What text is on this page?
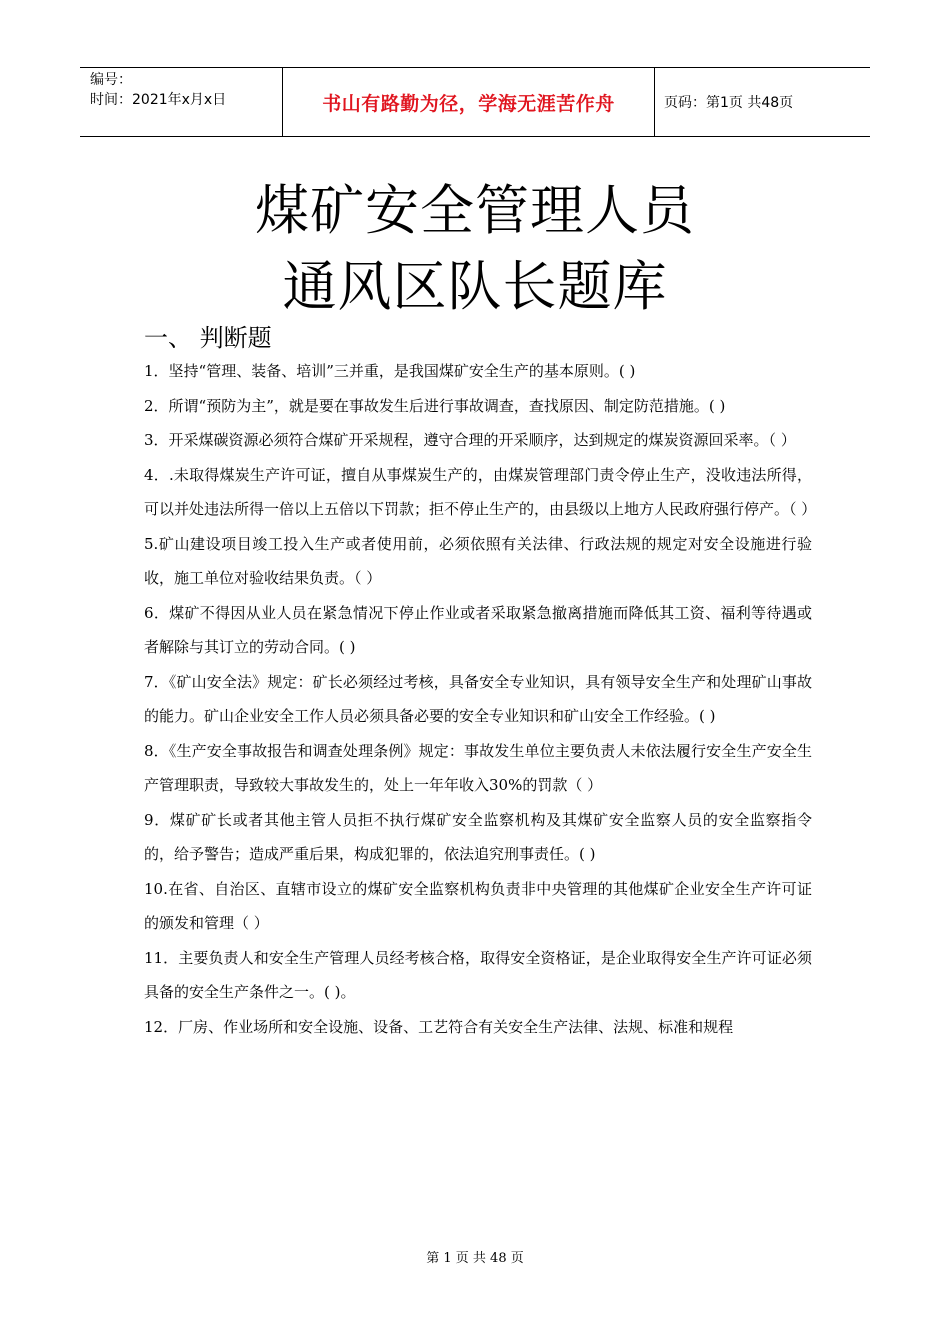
编号：
时间：2021年x月x日	书山有路勤为径，学海无涯苦作舟	页码：第1页 共48页
煤矿安全管理人员
通风区队长题库
一、 判断题

1．坚持“管理、装备、培训”三并重，是我国煤矿安全生产的基本原则。( )

2．所谓“预防为主”，就是要在事故发生后进行事故调查，查找原因、制定防范措施。( )

3．开采煤碳资源必须符合煤矿开采规程，遵守合理的开采顺序，达到规定的煤炭资源回采率。（ ）

4．.未取得煤炭生产许可证，擅自从事煤炭生产的，由煤炭管理部门责令停止生产，没收违法所得，可以并处违法所得一倍以上五倍以下罚款；拒不停止生产的，由县级以上地方人民政府强行停产。（ ）

5.矿山建设项目竣工投入生产或者使用前，必须依照有关法律、行政法规的规定对安全设施进行验收，施工单位对验收结果负责。（ ）

6．煤矿不得因从业人员在紧急情况下停止作业或者采取紧急撤离措施而降低其工资、福利等待遇或者解除与其订立的劳动合同。( )

7．《矿山安全法》规定：矿长必须经过考核，具备安全专业知识，具有领导安全生产和处理矿山事故的能力。矿山企业安全工作人员必须具备必要的安全专业知识和矿山安全工作经验。( )

8．《生产安全事故报告和调查处理条例》规定：事故发生单位主要负责人未依法履行安全生产安全生产管理职责，导致较大事故发生的，处上一年年收入30%的罚款（ ）

9．煤矿矿长或者其他主管人员拒不执行煤矿安全监察机构及其煤矿安全监察人员的安全监察指令的，给予警告；造成严重后果，构成犯罪的，依法追究刑事责任。( )

10.在省、自治区、直辖市设立的煤矿安全监察机构负责非中央管理的其他煤矿企业安全生产许可证的颁发和管理（ ）

11．主要负责人和安全生产管理人员经考核合格，取得安全资格证，是企业取得安全生产许可证必须具备的安全生产条件之一。( )。

12．厂房、作业场所和安全设施、设备、工艺符合有关安全生产法律、法规、标准和规程

第 1 页 共 48 页
